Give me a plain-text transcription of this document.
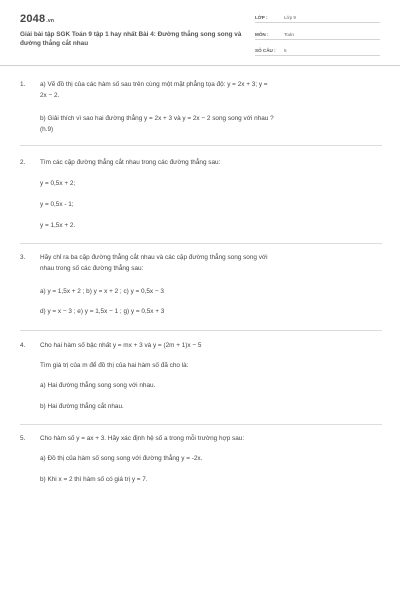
2048.vn
Giải bài tập SGK Toán 9 tập 1 hay nhất Bài 4: Đường thẳng song song và đường thẳng cắt nhau
LỚP :	Lớp 9
MÔN :	Toán
SỐ CÂU : 5
1. a) Vẽ đồ thị của các hàm số sau trên cùng một mặt phẳng tọa độ: y = 2x + 3; y =
2x − 2.
b) Giải thích vì sao hai đường thẳng y = 2x + 3 và y = 2x − 2 song song với nhau ?
(h.9)
2. Tìm các cặp đường thẳng cắt nhau trong các đường thẳng sau:
y = 0,5x + 2;
y = 0,5x - 1;
y = 1,5x + 2.
3. Hãy chỉ ra ba cặp đường thẳng cắt nhau và các cặp đường thẳng song song với
nhau trong số các đường thẳng sau:
a) y = 1,5x + 2 ; b) y = x + 2 ; c) y = 0,5x − 3
d) y = x − 3 ; e) y = 1,5x − 1 ; g) y = 0,5x + 3
4. Cho hai hàm số bậc nhất y = mx + 3 và y = (2m + 1)x − 5
Tìm giá trị của m để đồ thị của hai hàm số đã cho là:
a) Hai đường thẳng song song với nhau.
b) Hai đường thẳng cắt nhau.
5. Cho hàm số y = ax + 3. Hãy xác định hệ số a trong mỗi trường hợp sau:
a) Đồ thị của hàm số song song với đường thẳng y = -2x.
b) Khi x = 2 thì hàm số có giá trị y = 7.
